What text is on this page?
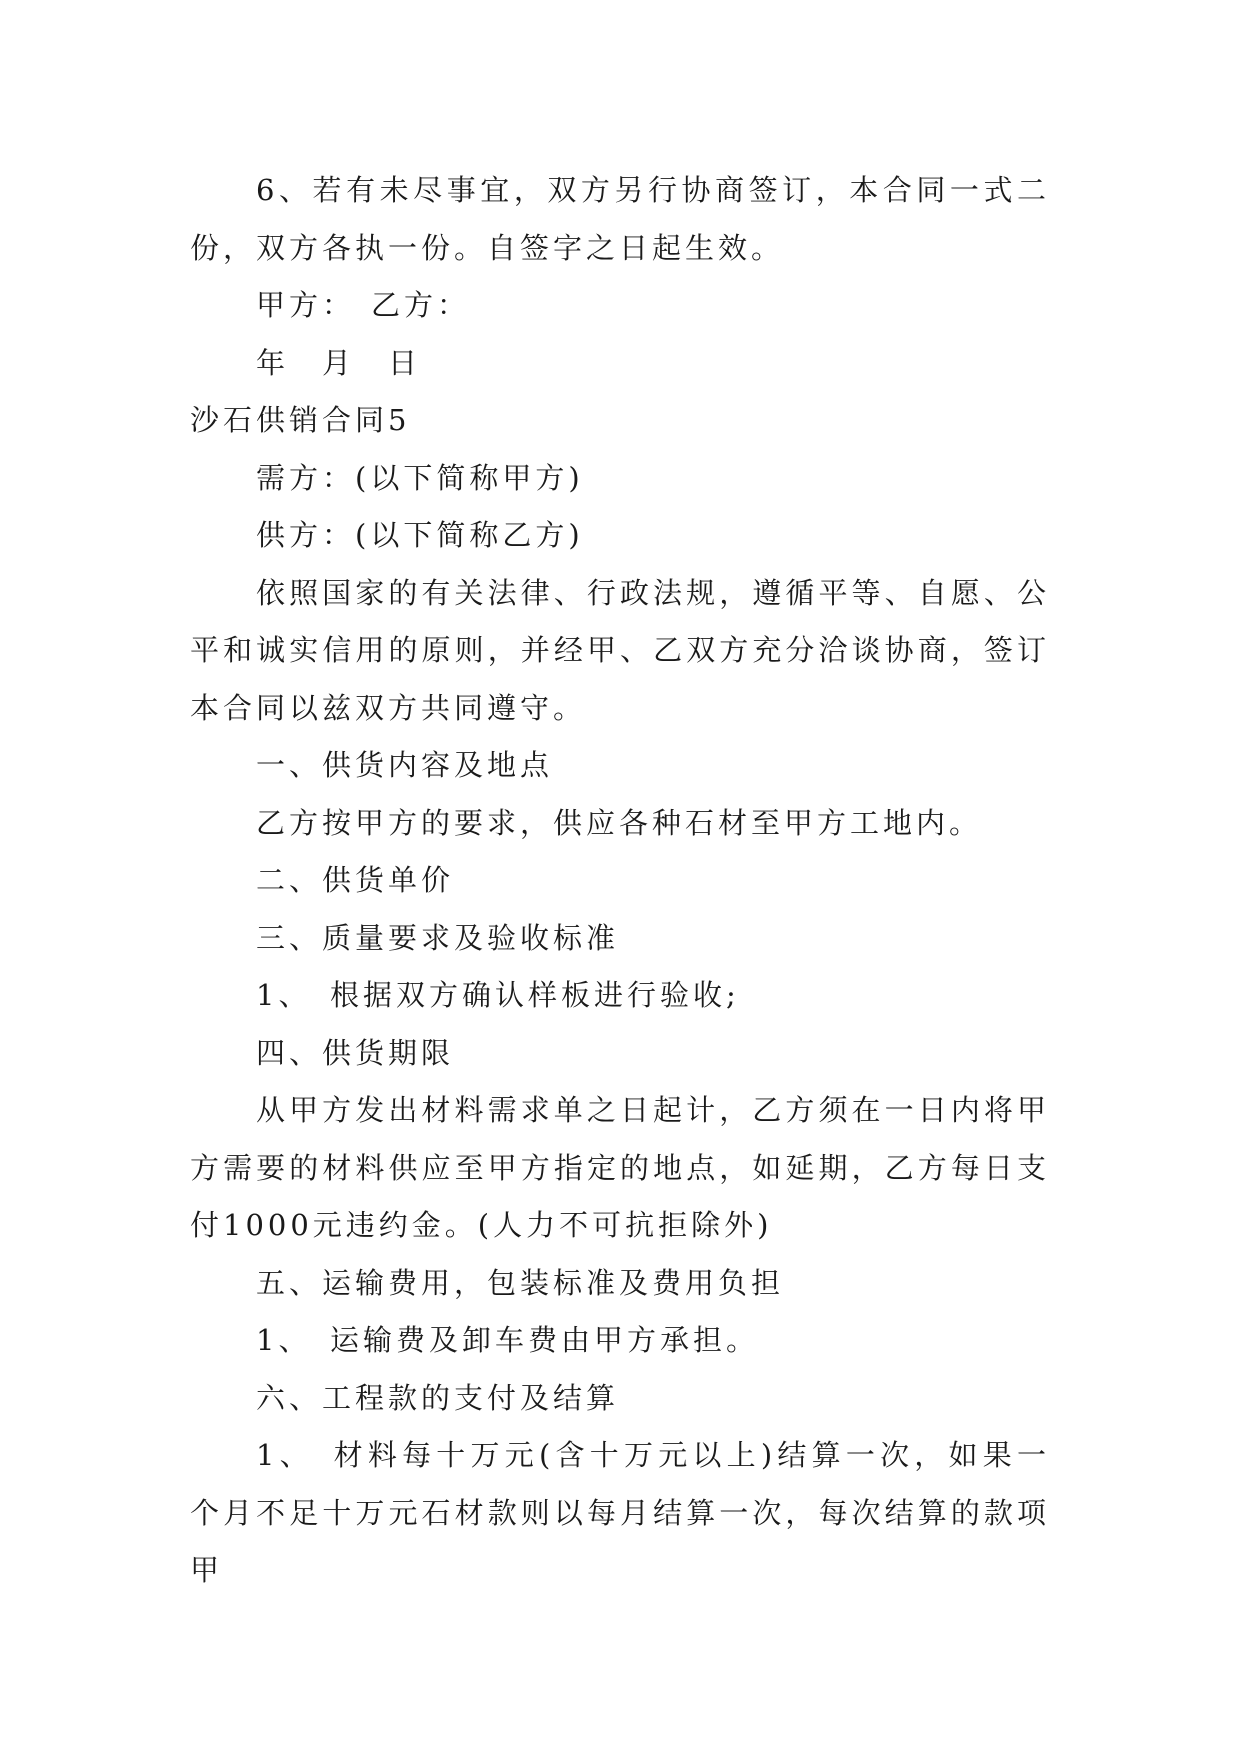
6、若有未尽事宜，双方另行协商签订，本合同一式二份，双方各执一份。自签字之日起生效。

甲方： 乙方：

年　月　日

沙石供销合同5

需方：(以下简称甲方)

供方：(以下简称乙方)

依照国家的有关法律、行政法规，遵循平等、自愿、公平和诚实信用的原则，并经甲、乙双方充分洽谈协商，签订本合同以兹双方共同遵守。

一、供货内容及地点

乙方按甲方的要求，供应各种石材至甲方工地内。

二、供货单价

三、质量要求及验收标准

1、　根据双方确认样板进行验收;

四、供货期限

从甲方发出材料需求单之日起计，乙方须在一日内将甲方需要的材料供应至甲方指定的地点，如延期，乙方每日支付1000元违约金。(人力不可抗拒除外)

五、运输费用，包装标准及费用负担

1、　运输费及卸车费由甲方承担。

六、工程款的支付及结算

1、　材料每十万元(含十万元以上)结算一次，如果一个月不足十万元石材款则以每月结算一次，每次结算的款项甲
